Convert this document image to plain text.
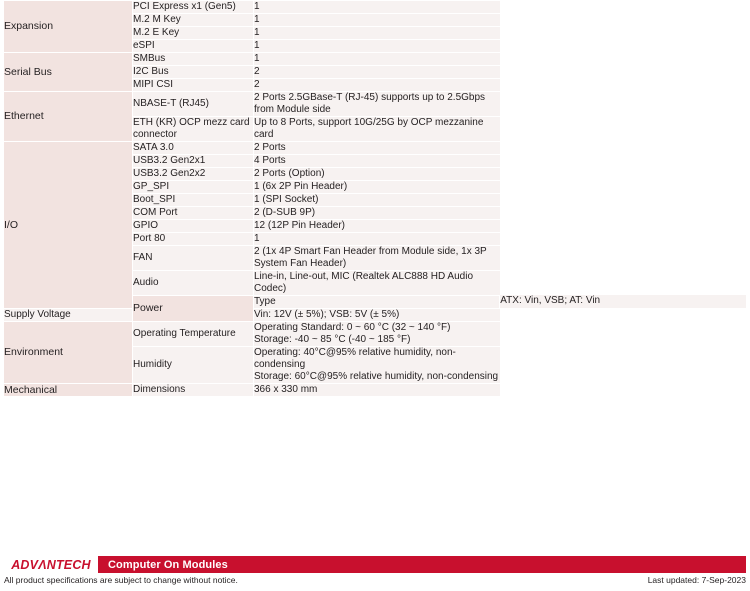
Expansion	PCI Express x1 (Gen5)	1	
	M.2 M Key	1	
	M.2 E Key	1	
	eSPI	1	
Serial Bus	SMBus	1	
	I2C Bus	2	
	MIPI CSI	2	
Ethernet	NBASE-T (RJ45)	2 Ports 2.5GBase-T (RJ-45) supports up to 2.5Gbps from Module side	
	ETH (KR) OCP mezz card connector	Up to 8 Ports, support 10G/25G by OCP mezzanine card	
I/O	SATA 3.0	2 Ports	
	USB3.2 Gen2x1	4 Ports	
	USB3.2 Gen2x2	2 Ports (Option)	
	GP_SPI	1 (6x 2P Pin Header)	
	Boot_SPI	1 (SPI Socket)	
	COM Port	2 (D-SUB 9P)	
	GPIO	12 (12P Pin Header)	
	Port 80	1	
	FAN	2 (1x 4P Smart Fan Header from Module side, 1x 3P System Fan Header)	
	Audio	Line-in, Line-out, MIC (Realtek ALC888 HD Audio Codec)	
	Power	Type	ATX: Vin, VSB; AT: Vin
Supply Voltage		Vin: 12V (± 5%); VSB: 5V (± 5%)	
Environment	Operating Temperature	Operating Standard: 0 ~ 60 °C (32 ~ 140 °F)
Storage: -40 ~ 85 °C (-40 ~ 185 °F)	

	Humidity	Operating: 40°C@95% relative humidity, non-condensing
Storage: 60°C@95% relative humidity, non-condensing	

Mechanical	Dimensions	366 x 330 mm	
ADVΛNTECH	Computer On Modules
All product specifications are subject to change without notice.	Last updated: 7-Sep-2023
